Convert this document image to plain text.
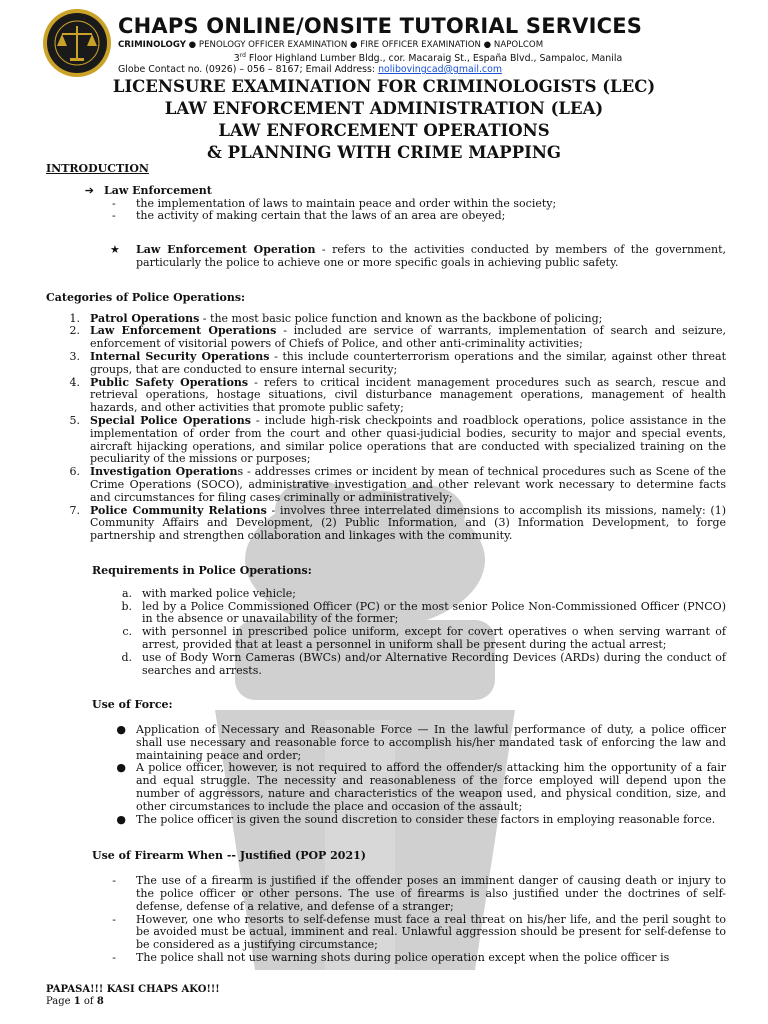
CHAPS ONLINE/ONSITE TUTORIAL SERVICES
CRIMINOLOGY ● PENOLOGY OFFICER EXAMINATION ● FIRE OFFICER EXAMINATION ● NAPOLCOM
3rd Floor Highland Lumber Bldg., cor. Macaraig St., España Blvd., Sampaloc, Manila
Globe Contact no. (0926) – 056 – 8167; Email Address: nolibovingcad@gmail.com
LICENSURE EXAMINATION FOR CRIMINOLOGISTS (LEC)
LAW ENFORCEMENT ADMINISTRATION (LEA)
LAW ENFORCEMENT OPERATIONS
& PLANNING WITH CRIME MAPPING

INTRODUCTION

➔ Law Enforcement
-	the implementation of laws to maintain peace and order within the society;
-	the activity of making certain that the laws of an area are obeyed;
★ Law Enforcement Operation - refers to the activities conducted by members of the government, particularly the police to achieve one or more specific goals in achieving public safety.

Categories of Police Operations:

1. Patrol Operations - the most basic police function and known as the backbone of policing;
2. Law Enforcement Operations - included are service of warrants, implementation of search and seizure, enforcement of visitorial powers of Chiefs of Police, and other anti-criminality activities;
3. Internal Security Operations - this include counterterrorism operations and the similar, against other threat groups, that are conducted to ensure internal security;
4. Public Safety Operations - refers to critical incident management procedures such as search, rescue and retrieval operations, hostage situations, civil disturbance management operations, management of health hazards, and other activities that promote public safety;
5. Special Police Operations - include high-risk checkpoints and roadblock operations, police assistance in the implementation of order from the court and other quasi-judicial bodies, security to major and special events, aircraft hijacking operations, and similar police operations that are conducted with specialized training on the peculiarity of the missions or purposes;
6. Investigation Operations - addresses crimes or incident by mean of technical procedures such as Scene of the Crime Operations (SOCO), administrative investigation and other relevant work necessary to determine facts and circumstances for filing cases criminally or administratively;
7. Police Community Relations - involves three interrelated dimensions to accomplish its missions, namely: (1) Community Affairs and Development, (2) Public Information, and (3) Information Development, to forge partnership and strengthen collaboration and linkages with the community.

Requirements in Police Operations:

a. with marked police vehicle;
b. led by a Police Commissioned Officer (PC) or the most senior Police Non-Commissioned Officer (PNCO) in the absence or unavailability of the former;
c. with personnel in prescribed police uniform, except for covert operatives o when serving warrant of arrest, provided that at least a personnel in uniform shall be present during the actual arrest;
d. use of Body Worn Cameras (BWCs) and/or Alternative Recording Devices (ARDs) during the conduct of searches and arrests.

Use of Force:

● Application of Necessary and Reasonable Force — In the lawful performance of duty, a police officer shall use necessary and reasonable force to accomplish his/her mandated task of enforcing the law and maintaining peace and order;
● A police officer, however, is not required to afford the offender/s attacking him the opportunity of a fair and equal struggle. The necessity and reasonableness of the force employed will depend upon the number of aggressors, nature and characteristics of the weapon used, and physical condition, size, and other circumstances to include the place and occasion of the assault;
● The police officer is given the sound discretion to consider these factors in employing reasonable force.

Use of Firearm When -- Justified (POP 2021)

-	The use of a firearm is justified if the offender poses an imminent danger of causing death or injury to the police officer or other persons. The use of firearms is also justified under the doctrines of self-defense, defense of a relative, and defense of a stranger;
-	However, one who resorts to self-defense must face a real threat on his/her life, and the peril sought to be avoided must be actual, imminent and real. Unlawful aggression should be present for self-defense to be considered as a justifying circumstance;
-	The police shall not use warning shots during police operation except when the police officer is
PAPASA!!! KASI CHAPS AKO!!!
Page 1 of 8
